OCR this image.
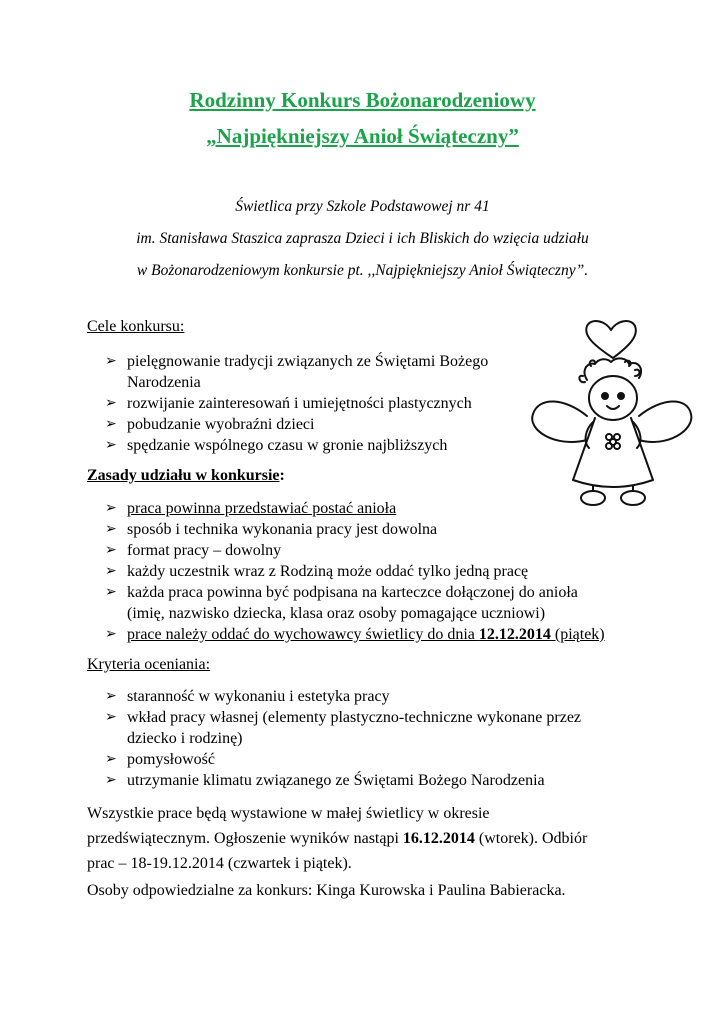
Rodzinny Konkurs Bożonarodzeniowy
„Najpiękniejszy Anioł Świąteczny”
Świetlica przy Szkole Podstawowej nr 41
im. Stanisława Staszica zaprasza Dzieci i ich Bliskich do wzięcia udziału
w Bożonarodzeniowym konkursie pt. ,,Najpiękniejszy Anioł Świąteczny”.
Cele konkursu:
➢ pielęgnowanie tradycji związanych ze Świętami Bożego
Narodzenia
➢ rozwijanie zainteresowań i umiejętności plastycznych
➢ pobudzanie wyobraźni dzieci
➢ spędzanie wspólnego czasu w gronie najbliższych
Zasady udziału w konkursie:
➢ praca powinna przedstawiać postać anioła
➢ sposób i technika wykonania pracy jest dowolna
➢ format pracy – dowolny
➢ każdy uczestnik wraz z Rodziną może oddać tylko jedną pracę
➢ każda praca powinna być podpisana na karteczce dołączonej do anioła
(imię, nazwisko dziecka, klasa oraz osoby pomagające uczniowi)
➢ prace należy oddać do wychowawcy świetlicy do dnia 12.12.2014 (piątek)
Kryteria oceniania:
➢ staranność w wykonaniu i estetyka pracy
➢ wkład pracy własnej (elementy plastyczno-techniczne wykonane przez
dziecko i rodzinę)
➢ pomysłowość
➢ utrzymanie klimatu związanego ze Świętami Bożego Narodzenia
Wszystkie prace będą wystawione w małej świetlicy w okresie
przedświątecznym. Ogłoszenie wyników nastąpi 16.12.2014 (wtorek). Odbiór
prac – 18-19.12.2014 (czwartek i piątek).
Osoby odpowiedzialne za konkurs: Kinga Kurowska i Paulina Babieracka.
